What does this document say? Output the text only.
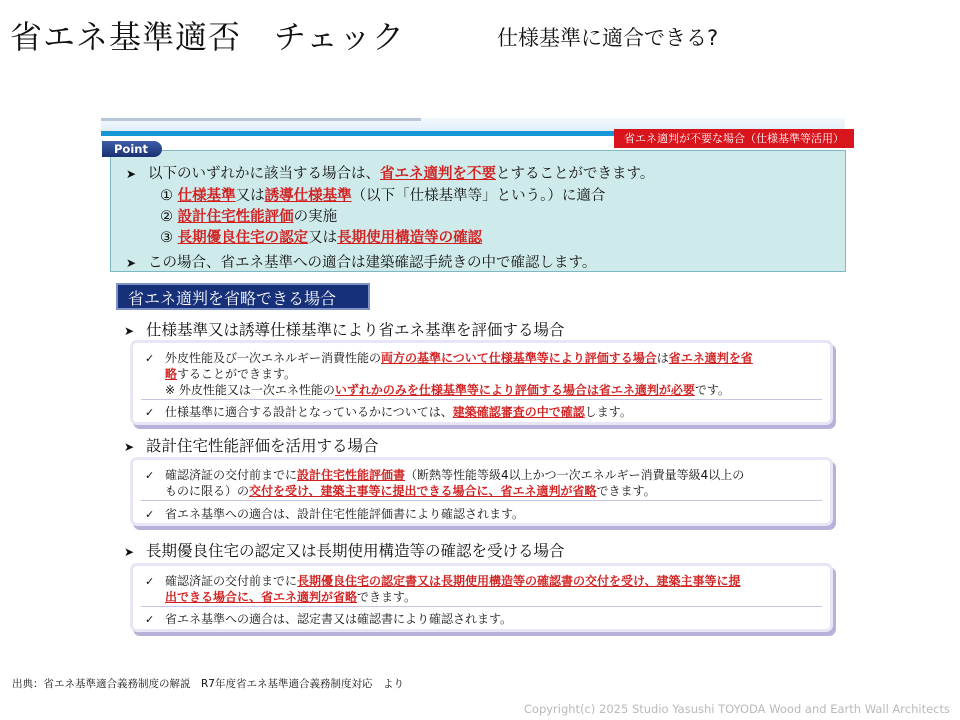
省エネ基準適否　チェック	仕様基準に適合できる?
省エネ適判が不要な場合（仕様基準等活用）
Point
➤ 以下のいずれかに該当する場合は、省エネ適判を不要とすることができます。
① 仕様基準又は誘導仕様基準（以下「仕様基準等」という。）に適合
② 設計住宅性能評価の実施
③ 長期優良住宅の認定又は長期使用構造等の確認
➤ この場合、省エネ基準への適合は建築確認手続きの中で確認します。
省エネ適判を省略できる場合
➤ 仕様基準又は誘導仕様基準により省エネ基準を評価する場合
✓ 外皮性能及び一次エネルギー消費性能の両方の基準について仕様基準等により評価する場合は省エネ適判を省
略することができます。
※ 外皮性能又は一次エネ性能のいずれかのみを仕様基準等により評価する場合は省エネ適判が必要です。
✓ 仕様基準に適合する設計となっているかについては、建築確認審査の中で確認します。
➤ 設計住宅性能評価を活用する場合
✓ 確認済証の交付前までに設計住宅性能評価書（断熱等性能等級4以上かつ一次エネルギー消費量等級4以上の
ものに限る）の交付を受け、建築主事等に提出できる場合に、省エネ適判が省略できます。
✓ 省エネ基準への適合は、設計住宅性能評価書により確認されます。
➤ 長期優良住宅の認定又は長期使用構造等の確認を受ける場合
✓ 確認済証の交付前までに長期優良住宅の認定書又は長期使用構造等の確認書の交付を受け、建築主事等に提
出できる場合に、省エネ適判が省略できます。
✓ 省エネ基準への適合は、認定書又は確認書により確認されます。
出典：省エネ基準適合義務制度の解説　R7年度省エネ基準適合義務制度対応　より
Copyright(c) 2025 Studio Yasushi TOYODA Wood and Earth Wall Architects
